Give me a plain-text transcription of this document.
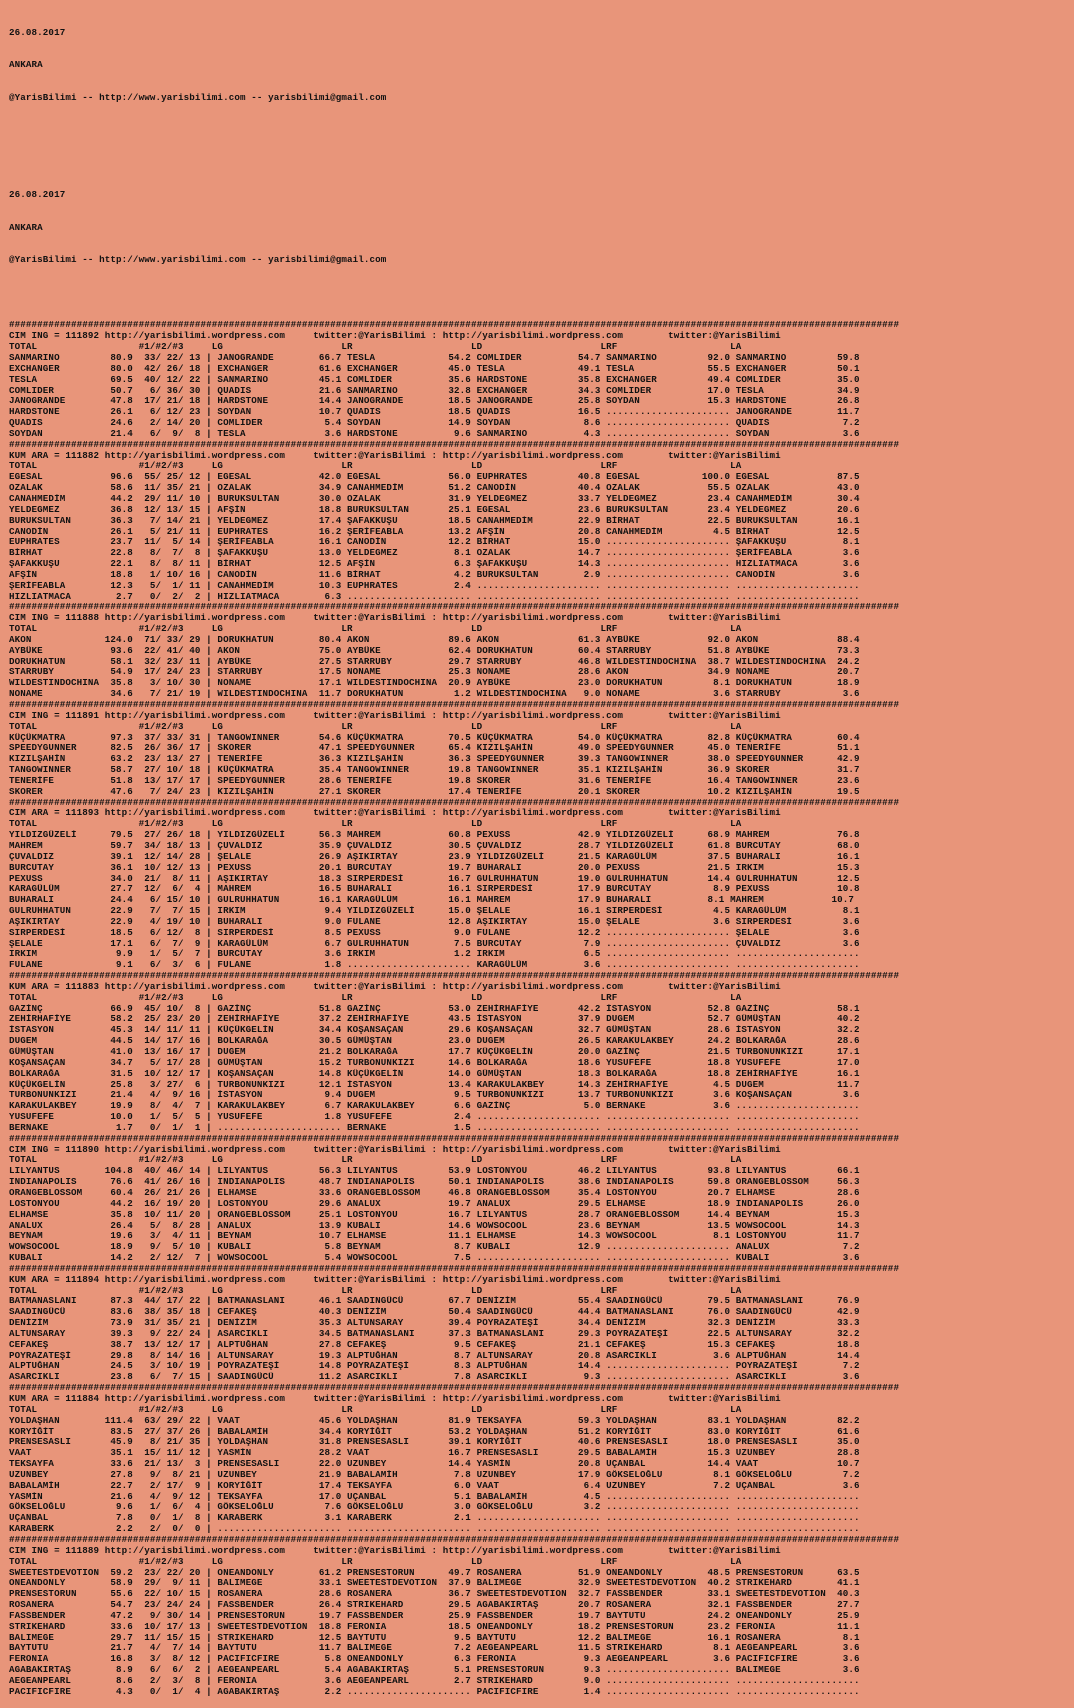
26.08.2017

ANKARA

@YarisBilimi -- http://www.yarisbilimi.com -- yarisbilimi@gmail.com

26.08.2017

ANKARA

@YarisBilimi -- http://www.yarisbilimi.com -- yarisbilimi@gmail.com

##############################################################################################################################################################
CIM ING = 111892 http://yarisbilimi.wordpress.com     twitter:@YarisBilimi : http://yarisbilimi.wordpress.com        twitter:@YarisBilimi
TOTAL                  #1/#2/#3     LG                     LR                     LD                     LRF                    LA
SANMARINO         80.9  33/ 22/ 13 | JANOGRANDE        66.7 TESLA             54.2 COMLIDER          54.7 SANMARINO         92.0 SANMARINO         59.8
EXCHANGER         80.0  42/ 26/ 18 | EXCHANGER         61.6 EXCHANGER         45.0 TESLA             49.1 TESLA             55.5 EXCHANGER         50.1
TESLA             69.5  40/ 12/ 22 | SANMARINO         45.1 COMLIDER          35.6 HARDSTONE         35.8 EXCHANGER         49.4 COMLIDER          35.0
COMLIDER          50.7   6/ 36/ 30 | QUADIS            21.6 SANMARINO         32.8 EXCHANGER         34.3 COMLIDER          17.0 TESLA             34.9
JANOGRANDE        47.8  17/ 21/ 18 | HARDSTONE         14.4 JANOGRANDE        18.5 JANOGRANDE        25.8 SOYDAN            15.3 HARDSTONE         26.8
HARDSTONE         26.1   6/ 12/ 23 | SOYDAN            10.7 QUADIS            18.5 QUADIS            16.5 ...................... JANOGRANDE        11.7
QUADIS            24.6   2/ 14/ 20 | COMLIDER           5.4 SOYDAN            14.9 SOYDAN             8.6 ...................... QUADIS             7.2
SOYDAN            21.4   6/  9/  8 | TESLA              3.6 HARDSTONE          9.6 SANMARINO          4.3 ...................... SOYDAN             3.6
##############################################################################################################################################################
KUM ARA = 111882 http://yarisbilimi.wordpress.com     twitter:@YarisBilimi : http://yarisbilimi.wordpress.com        twitter:@YarisBilimi
TOTAL                  #1/#2/#3     LG                     LR                     LD                     LRF                    LA
EGESAL            96.6  55/ 25/ 12 | EGESAL            42.0 EGESAL            56.0 EUPHRATES         40.8 EGESAL           100.0 EGESAL            87.5
OZALAK            58.6  11/ 35/ 21 | OZALAK            34.9 CANAHMEDİM        51.2 CANODİN           40.4 OZALAK            55.5 OZALAK            43.0
CANAHMEDİM        44.2  29/ 11/ 10 | BURUKSULTAN       30.0 OZALAK            31.9 YELDEGMEZ         33.7 YELDEGMEZ         23.4 CANAHMEDİM        30.4
YELDEGMEZ         36.8  12/ 13/ 15 | AFŞİN             18.8 BURUKSULTAN       25.1 EGESAL            23.6 BURUKSULTAN       23.4 YELDEGMEZ         20.6
BURUKSULTAN       36.3   7/ 14/ 21 | YELDEGMEZ         17.4 ŞAFAKKUŞU         18.5 CANAHMEDİM        22.9 BİRHAT            22.5 BURUKSULTAN       16.1
CANODİN           26.1   5/ 21/ 11 | EUPHRATES         16.2 ŞERİFEABLA        13.2 AFŞİN             20.8 CANAHMEDİM         4.5 BİRHAT            12.5
EUPHRATES         23.7  11/  5/ 14 | ŞERİFEABLA        16.1 CANODİN           12.2 BİRHAT            15.0 ...................... ŞAFAKKUŞU          8.1
BİRHAT            22.8   8/  7/  8 | ŞAFAKKUŞU         13.0 YELDEGMEZ          8.1 OZALAK            14.7 ...................... ŞERİFEABLA         3.6
ŞAFAKKUŞU         22.1   8/  8/ 11 | BİRHAT            12.5 AFŞİN              6.3 ŞAFAKKUŞU         14.3 ...................... HIZLIATMACA        3.6
AFŞİN             18.8   1/ 10/ 16 | CANODİN           11.6 BİRHAT             4.2 BURUKSULTAN        2.9 ...................... CANODİN            3.6
ŞERİFEABLA        12.3   5/  1/ 11 | CANAHMEDİM        10.3 EUPHRATES          2.4 ...................... ...................... ......................
HIZLIATMACA        2.7   0/  2/  2 | HIZLIATMACA        6.3 ...................... ...................... ...................... ......................
##############################################################################################################################################################
CIM ING = 111888 http://yarisbilimi.wordpress.com     twitter:@YarisBilimi : http://yarisbilimi.wordpress.com        twitter:@YarisBilimi
TOTAL                  #1/#2/#3     LG                     LR                     LD                     LRF                    LA
AKON             124.0  71/ 33/ 29 | DORUKHATUN        80.4 AKON              89.6 AKON              61.3 AYBÜKE            92.0 AKON              88.4
AYBÜKE            93.6  22/ 41/ 40 | AKON              75.0 AYBÜKE            62.4 DORUKHATUN        60.4 STARRUBY          51.8 AYBÜKE            73.3
DORUKHATUN        58.1  32/ 23/ 11 | AYBÜKE            27.5 STARRUBY          29.7 STARRUBY          46.8 WILDESTINDOCHINA  38.7 WILDESTINDOCHINA  24.2
STARRUBY          54.9  17/ 24/ 23 | STARRUBY          17.5 NONAME            25.3 NONAME            28.6 AKON              34.9 NONAME            20.7
WILDESTINDOCHINA  35.8   3/ 10/ 30 | NONAME            17.1 WILDESTINDOCHINA  20.9 AYBÜKE            23.0 DORUKHATUN         8.1 DORUKHATUN        18.9
NONAME            34.6   7/ 21/ 19 | WILDESTINDOCHINA  11.7 DORUKHATUN         1.2 WILDESTINDOCHINA   9.0 NONAME             3.6 STARRUBY           3.6
##############################################################################################################################################################
CIM ING = 111891 http://yarisbilimi.wordpress.com     twitter:@YarisBilimi : http://yarisbilimi.wordpress.com        twitter:@YarisBilimi
TOTAL                  #1/#2/#3     LG                     LR                     LD                     LRF                    LA
KÜÇÜKMATRA        97.3  37/ 33/ 31 | TANGOWINNER       54.6 KÜÇÜKMATRA        70.5 KÜÇÜKMATRA        54.0 KÜÇÜKMATRA        82.8 KÜÇÜKMATRA        60.4
SPEEDYGUNNER      82.5  26/ 36/ 17 | SKORER            47.1 SPEEDYGUNNER      65.4 KIZILŞAHİN        49.0 SPEEDYGUNNER      45.0 TENERİFE          51.1
KIZILŞAHİN        63.2  23/ 13/ 27 | TENERİFE          36.3 KIZILŞAHİN        36.3 SPEEDYGUNNER      39.3 TANGOWINNER       38.0 SPEEDYGUNNER      42.9
TANGOWINNER       58.7  27/ 10/ 18 | KÜÇÜKMATRA        35.4 TANGOWINNER       19.8 TANGOWINNER       35.1 KIZILŞAHİN        36.9 SKORER            31.7
TENERİFE          51.8  13/ 17/ 17 | SPEEDYGUNNER      28.6 TENERİFE          19.8 SKORER            31.6 TENERİFE          16.4 TANGOWINNER       23.6
SKORER            47.6   7/ 24/ 23 | KIZILŞAHİN        27.1 SKORER            17.4 TENERİFE          20.1 SKORER            10.2 KIZILŞAHİN        19.5
##############################################################################################################################################################
CIM ARA = 111893 http://yarisbilimi.wordpress.com     twitter:@YarisBilimi : http://yarisbilimi.wordpress.com        twitter:@YarisBilimi
TOTAL                  #1/#2/#3     LG                     LR                     LD                     LRF                    LA
YILDIZGÜZELİ      79.5  27/ 26/ 18 | YILDIZGÜZELİ      56.3 MAHREM            60.8 PEXUSS            42.9 YILDIZGÜZELİ      68.9 MAHREM            76.8
MAHREM            59.7  34/ 18/ 13 | ÇUVALDIZ          35.9 ÇUVALDIZ          30.5 ÇUVALDIZ          28.7 YILDIZGÜZELİ      61.8 BURCUTAY          68.0
ÇUVALDIZ          39.1  12/ 14/ 28 | ŞELALE            26.9 AŞIKIRTAY         23.9 YILDIZGÜZELİ      21.5 KARAGÜLÜM         37.5 BUHARALI          16.1
BURCUTAY          36.1  10/ 12/ 13 | PEXUSS            20.1 BURCUTAY          19.7 BUHARALI          20.0 PEXUSS            21.5 IRKIM             15.3
PEXUSS            34.0  21/  8/ 11 | AŞIKIRTAY         18.3 SIRPERDESİ        16.7 GULRUHHATUN       19.0 GULRUHHATUN       14.4 GULRUHHATUN       12.5
KARAGÜLÜM         27.7  12/  6/  4 | MAHREM            16.5 BUHARALI          16.1 SIRPERDESİ        17.9 BURCUTAY           8.9 PEXUSS            10.8
BUHARALI          24.4   6/ 15/ 10 | GULRUHHATUN       16.1 KARAGÜLÜM         16.1 MAHREM            17.9 BUHARALI          8.1 MAHREM            10.7
GULRUHHATUN       22.9   7/  7/ 15 | IRKIM              9.4 YILDIZGÜZELİ      15.0 ŞELALE            16.1 SIRPERDESİ         4.5 KARAGÜLÜM          8.1
AŞIKIRTAY         22.9   4/ 19/ 10 | BUHARALI           9.0 FULANE            12.8 AŞIKIRTAY         15.0 ŞELALE             3.6 SIRPERDESİ         3.6
SIRPERDESİ        18.5   6/ 12/  8 | SIRPERDESİ         8.5 PEXUSS             9.0 FULANE            12.2 ...................... ŞELALE             3.6
ŞELALE            17.1   6/  7/  9 | KARAGÜLÜM          6.7 GULRUHHATUN        7.5 BURCUTAY           7.9 ...................... ÇUVALDIZ           3.6
IRKIM              9.9   1/  5/  7 | BURCUTAY           3.6 IRKIM              1.2 IRKIM              6.5 ...................... ......................
FULANE             9.1   6/  3/  6 | FULANE             1.8 ...................... KARAGÜLÜM          3.6 ...................... ......................
##############################################################################################################################################################
KUM ARA = 111883 http://yarisbilimi.wordpress.com     twitter:@YarisBilimi : http://yarisbilimi.wordpress.com        twitter:@YarisBilimi
TOTAL                  #1/#2/#3     LG                     LR                     LD                     LRF                    LA
GAZİNÇ            66.9  45/ 10/  8 | GAZİNÇ            51.8 GAZİNÇ            53.0 ZEHİRHAFİYE       42.2 İSTASYON          52.8 GAZİNÇ            58.1
ZEHİRHAFİYE       58.2  25/ 23/ 20 | ZEHİRHAFİYE       37.2 ZEHİRHAFİYE       43.5 İSTASYON          37.9 DUGEM             52.7 GÜMÜŞTAN          40.2
İSTASYON          45.3  14/ 11/ 11 | KÜÇÜKGELİN        34.4 KOŞANSAÇAN        29.6 KOŞANSAÇAN        32.7 GÜMÜŞTAN          28.6 İSTASYON          32.2
DUGEM             44.5  14/ 17/ 16 | BOLKARAĞA         30.5 GÜMÜŞTAN          23.0 DUGEM             26.5 KARAKULAKBEY      24.2 BOLKARAĞA         28.6
GÜMÜŞTAN          41.0  13/ 16/ 17 | DUGEM             21.2 BOLKARAĞA         17.7 KÜÇÜKGELİN        20.0 GAZİNÇ            21.5 TURBONUNKIZI      17.1
KOŞANSAÇAN        34.7   5/ 17/ 28 | GÜMÜŞTAN          15.2 TURBONUNKIZI      14.6 BOLKARAĞA         18.6 YUSUFEFE          18.8 YUSUFEFE          17.0
BOLKARAĞA         31.5  10/ 12/ 17 | KOŞANSAÇAN        14.8 KÜÇÜKGELİN        14.0 GÜMÜŞTAN          18.3 BOLKARAĞA         18.8 ZEHİRHAFİYE       16.1
KÜÇÜKGELİN        25.8   3/ 27/  6 | TURBONUNKIZI      12.1 İSTASYON          13.4 KARAKULAKBEY      14.3 ZEHİRHAFİYE        4.5 DUGEM             11.7
TURBONUNKIZI      21.4   4/  9/ 16 | İSTASYON           9.4 DUGEM              9.5 TURBONUNKIZI      13.7 TURBONUNKIZI       3.6 KOŞANSAÇAN         3.6
KARAKULAKBEY      19.9   8/  4/  7 | KARAKULAKBEY       6.7 KARAKULAKBEY       6.6 GAZİNÇ             5.0 BERNAKE            3.6 ......................
YUSUFEFE          10.0   1/  5/  5 | YUSUFEFE           1.8 YUSUFEFE           2.4 ...................... ...................... ......................
BERNAKE            1.7   0/  1/  1 | ...................... BERNAKE            1.5 ...................... ...................... ......................
##############################################################################################################################################################
CIM ING = 111890 http://yarisbilimi.wordpress.com     twitter:@YarisBilimi : http://yarisbilimi.wordpress.com        twitter:@YarisBilimi
TOTAL                  #1/#2/#3     LG                     LR                     LD                     LRF                    LA
LILYANTUS        104.8  40/ 46/ 14 | LILYANTUS         56.3 LILYANTUS         53.9 LOSTONYOU         46.2 LILYANTUS         93.8 LILYANTUS         66.1
INDIANAPOLIS      76.6  41/ 26/ 16 | INDIANAPOLIS      48.7 INDIANAPOLIS      50.1 INDIANAPOLIS      38.6 INDIANAPOLIS      59.8 ORANGEBLOSSOM     56.3
ORANGEBLOSSOM     60.4  26/ 21/ 26 | ELHAMSE           33.6 ORANGEBLOSSOM     46.8 ORANGEBLOSSOM     35.4 LOSTONYOU         20.7 ELHAMSE           28.6
LOSTONYOU         44.2  16/ 19/ 20 | LOSTONYOU         29.6 ANALUX            19.7 ANALUX            29.5 ELHAMSE           18.9 INDIANAPOLIS      26.0
ELHAMSE           35.8  10/ 11/ 20 | ORANGEBLOSSOM     25.1 LOSTONYOU         16.7 LILYANTUS         28.7 ORANGEBLOSSOM     14.4 BEYNAM            15.3
ANALUX            26.4   5/  8/ 28 | ANALUX            13.9 KUBALI            14.6 WOWSOCOOL         23.6 BEYNAM            13.5 WOWSOCOOL         14.3
BEYNAM            19.6   3/  4/ 11 | BEYNAM            10.7 ELHAMSE           11.1 ELHAMSE           14.3 WOWSOCOOL          8.1 LOSTONYOU         11.7
WOWSOCOOL         18.9   9/  5/ 10 | KUBALI             5.8 BEYNAM             8.7 KUBALI            12.9 ...................... ANALUX             7.2
KUBALI            14.2   2/ 12/  7 | WOWSOCOOL          5.4 WOWSOCOOL          7.5 ...................... ...................... KUBALI             3.6
##############################################################################################################################################################
KUM ARA = 111894 http://yarisbilimi.wordpress.com     twitter:@YarisBilimi : http://yarisbilimi.wordpress.com        twitter:@YarisBilimi
TOTAL                  #1/#2/#3     LG                     LR                     LD                     LRF                    LA
BATMANASLANI      87.3  44/ 17/ 22 | BATMANASLANI      46.1 SAADINGÜCÜ        67.7 DENİZİM           55.4 SAADINGÜCÜ        79.5 BATMANASLANI      76.9
SAADINGÜCÜ        83.6  38/ 35/ 18 | CEFAKEŞ           40.3 DENİZİM           50.4 SAADINGÜCÜ        44.4 BATMANASLANI      76.0 SAADINGÜCÜ        42.9
DENİZİM           73.9  31/ 35/ 21 | DENİZİM           35.3 ALTUNSARAY        39.4 POYRAZATEŞİ       34.4 DENİZİM           32.3 DENİZİM           33.3
ALTUNSARAY        39.3   9/ 22/ 24 | ASARCIKLI         34.5 BATMANASLANI      37.3 BATMANASLANI      29.3 POYRAZATEŞİ       22.5 ALTUNSARAY        32.2
CEFAKEŞ           38.7  13/ 12/ 17 | ALPTUĞHAN         27.8 CEFAKEŞ            9.5 CEFAKEŞ           21.1 CEFAKEŞ           15.3 CEFAKEŞ           18.8
POYRAZATEŞİ       29.8   8/ 14/ 16 | ALTUNSARAY        19.3 ALPTUĞHAN          8.7 ALTUNSARAY        20.8 ASARCIKLI          3.6 ALPTUĞHAN         14.4
ALPTUĞHAN         24.5   3/ 10/ 19 | POYRAZATEŞİ       14.8 POYRAZATEŞİ        8.3 ALPTUĞHAN         14.4 ...................... POYRAZATEŞİ        7.2
ASARCIKLI         23.8   6/  7/ 15 | SAADINGÜCÜ        11.2 ASARCIKLI          7.8 ASARCIKLI          9.3 ...................... ASARCIKLI          3.6
##############################################################################################################################################################
KUM ARA = 111884 http://yarisbilimi.wordpress.com     twitter:@YarisBilimi : http://yarisbilimi.wordpress.com        twitter:@YarisBilimi
TOTAL                  #1/#2/#3     LG                     LR                     LD                     LRF                    LA
YOLDAŞHAN        111.4  63/ 29/ 22 | VAAT              45.6 YOLDAŞHAN         81.9 TEKSAYFA          59.3 YOLDAŞHAN         83.1 YOLDAŞHAN         82.2
KORYİĞİT          83.5  27/ 37/ 26 | BABALAMİH         34.4 KORYİĞİT          53.2 YOLDAŞHAN         51.2 KORYİĞİT          83.0 KORYİĞİT          61.6
PRENSESASLI       45.9   8/ 21/ 35 | YOLDAŞHAN         31.8 PRENSESASLI       39.1 KORYİĞİT          40.6 PRENSESASLI       18.0 PRENSESASLI       35.0
VAAT              35.1  15/ 11/ 12 | YASMİN            28.2 VAAT              16.7 PRENSESASLI       29.5 BABALAMİH         15.3 UZUNBEY           28.8
TEKSAYFA          33.6  21/ 13/  3 | PRENSESASLI       22.0 UZUNBEY           14.4 YASMİN            20.8 UÇANBAL           14.4 VAAT              10.7
UZUNBEY           27.8   9/  8/ 21 | UZUNBEY           21.9 BABALAMİH          7.8 UZUNBEY           17.9 GÖKSELOĞLU         8.1 GÖKSELOĞLU         7.2
BABALAMİH         22.7   2/ 17/  9 | KORYİĞİT          17.4 TEKSAYFA           6.0 VAAT               6.4 UZUNBEY            7.2 UÇANBAL            3.6
YASMİN            21.6   4/  9/ 12 | TEKSAYFA          17.0 UÇANBAL            5.1 BABALAMİH          4.5 ...................... ......................
GÖKSELOĞLU         9.6   1/  6/  4 | GÖKSELOĞLU         7.6 GÖKSELOĞLU         3.0 GÖKSELOĞLU         3.2 ...................... ......................
UÇANBAL            7.8   0/  1/  8 | KARABERK           3.1 KARABERK           2.1 ...................... ...................... ......................
KARABERK           2.2   2/  0/  0 | ...................... ...................... ...................... ...................... ......................
##############################################################################################################################################################
CIM ING = 111889 http://yarisbilimi.wordpress.com     twitter:@YarisBilimi : http://yarisbilimi.wordpress.com        twitter:@YarisBilimi
TOTAL                  #1/#2/#3     LG                     LR                     LD                     LRF                    LA
SWEETESTDEVOTION  59.2  23/ 22/ 20 | ONEANDONLY        61.2 PRENSESTORUN      49.7 ROSANERA          51.9 ONEANDONLY        48.5 PRENSESTORUN      63.5
ONEANDONLY        58.9  29/  9/ 11 | BALIMEGE          33.1 SWEETESTDEVOTION  37.9 BALIMEGE          32.9 SWEETESTDEVOTION  40.2 STRIKEHARD        41.1
PRENSESTORUN      55.6  22/ 10/ 15 | ROSANERA          28.6 ROSANERA          36.7 SWEETESTDEVOTION  32.7 FASSBENDER        33.1 SWEETESTDEVOTION  40.3
ROSANERA          54.7  23/ 24/ 24 | FASSBENDER        26.4 STRIKEHARD        29.5 AGABAKIRTAŞ       20.7 ROSANERA          32.1 FASSBENDER        27.7
FASSBENDER        47.2   9/ 30/ 14 | PRENSESTORUN      19.7 FASSBENDER        25.9 FASSBENDER        19.7 BAYTUTU           24.2 ONEANDONLY        25.9
STRIKEHARD        33.6  10/ 17/ 13 | SWEETESTDEVOTION  18.8 FERONIA           18.5 ONEANDONLY        18.2 PRENSESTORUN      23.2 FERONIA           11.1
BALIMEGE          29.7  11/ 15/ 15 | STRIKEHARD        12.5 BAYTUTU            9.5 BAYTUTU           12.2 BALIMEGE          16.1 ROSANERA           8.1
BAYTUTU           21.7   4/  7/ 14 | BAYTUTU           11.7 BALIMEGE           7.2 AEGEANPEARL       11.5 STRIKEHARD         8.1 AEGEANPEARL        3.6
FERONIA           16.8   3/  8/ 12 | PACIFICFIRE        5.8 ONEANDONLY         6.3 FERONIA            9.3 AEGEANPEARL        3.6 PACIFICFIRE        3.6
AGABAKIRTAŞ        8.9   6/  6/  2 | AEGEANPEARL        5.4 AGABAKIRTAŞ        5.1 PRENSESTORUN       9.3 ...................... BALIMEGE           3.6
AEGEANPEARL        8.6   2/  3/  8 | FERONIA            3.6 AEGEANPEARL        2.7 STRIKEHARD         9.0 ...................... ......................
PACIFICFIRE        4.3   0/  1/  4 | AGABAKIRTAŞ        2.2 ...................... PACIFICFIRE        1.4 ...................... ......................
